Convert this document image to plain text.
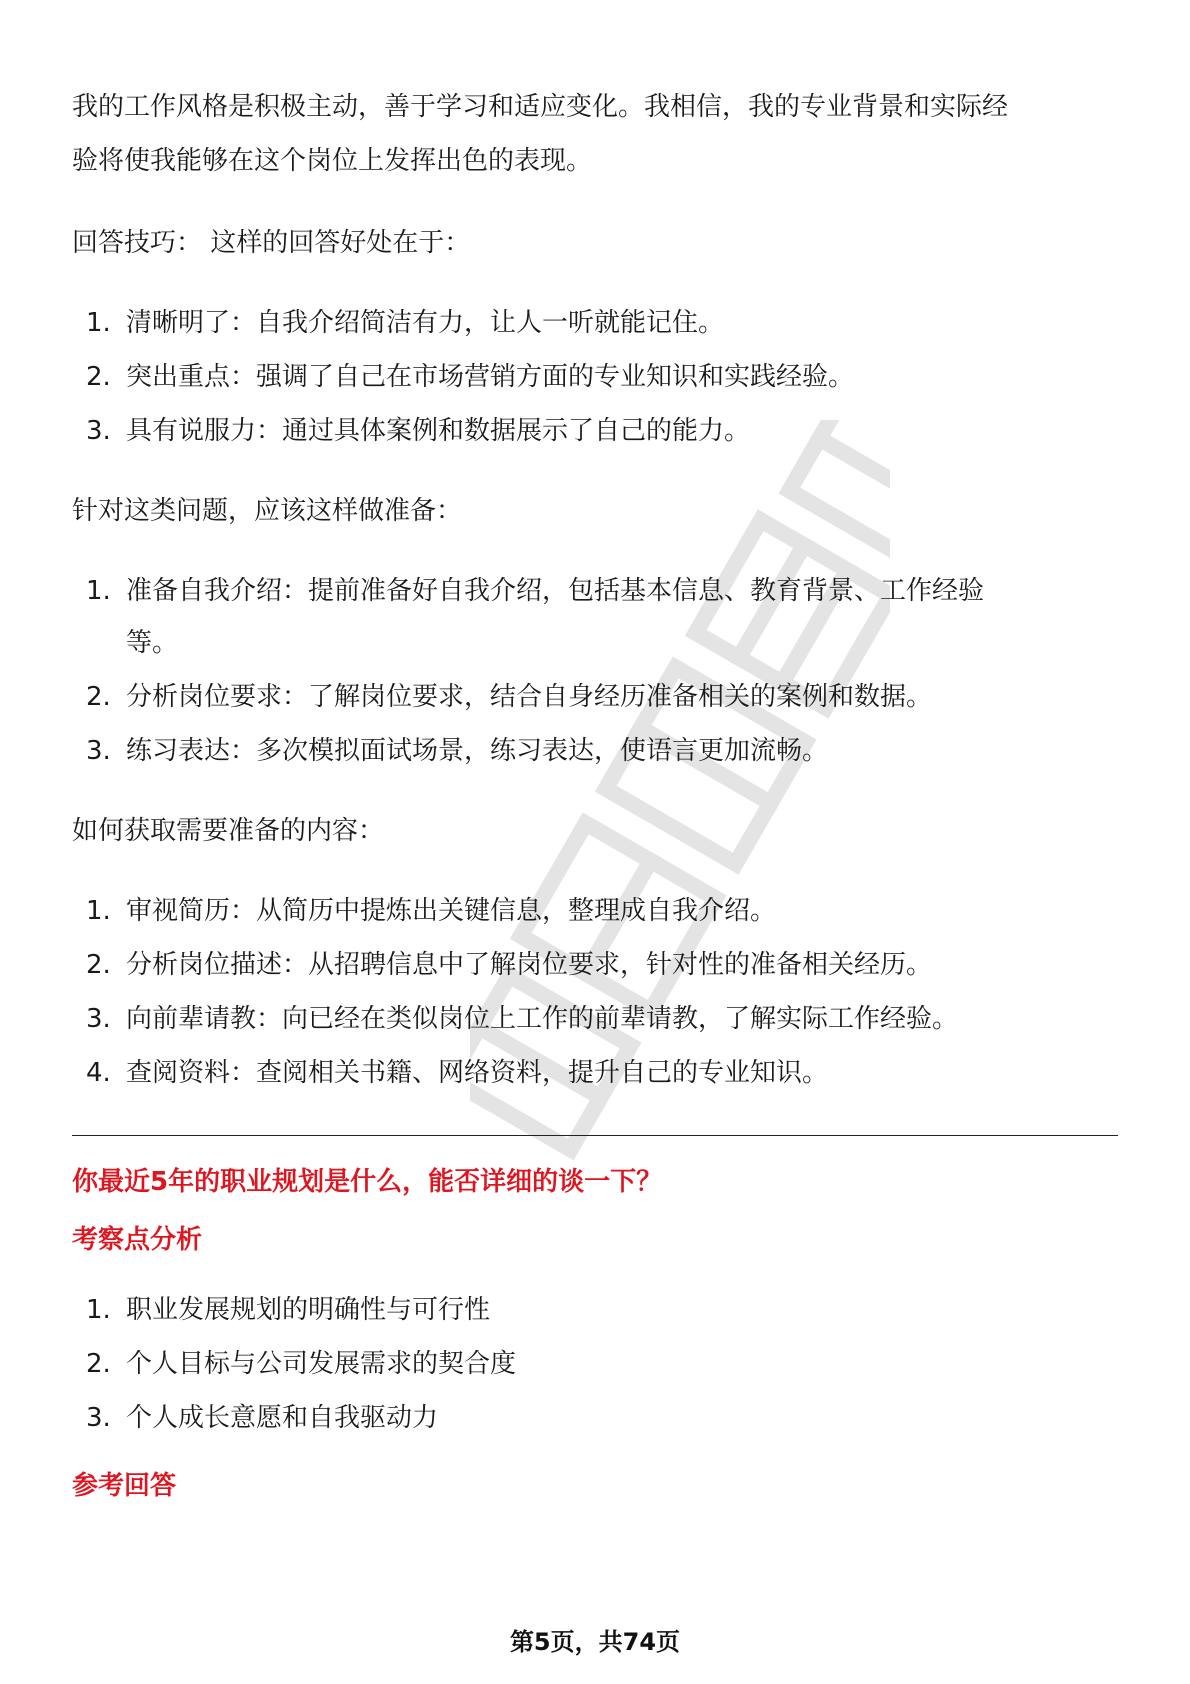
我的工作风格是积极主动，善于学习和适应变化。我相信，我的专业背景和实际经

验将使我能够在这个岗位上发挥出色的表现。

回答技巧： 这样的回答好处在于：

1. 清晰明了：自我介绍简洁有力，让人一听就能记住。
2. 突出重点：强调了自己在市场营销方面的专业知识和实践经验。
3. 具有说服力：通过具体案例和数据展示了自己的能力。

针对这类问题，应该这样做准备：

1. 准备自我介绍：提前准备好自我介绍，包括基本信息、教育背景、工作经验
等。
2. 分析岗位要求：了解岗位要求，结合自身经历准备相关的案例和数据。
3. 练习表达：多次模拟面试场景，练习表达，使语言更加流畅。

如何获取需要准备的内容：

1. 审视简历：从简历中提炼出关键信息，整理成自我介绍。
2. 分析岗位描述：从招聘信息中了解岗位要求，针对性的准备相关经历。
3. 向前辈请教：向已经在类似岗位上工作的前辈请教，了解实际工作经验。
4. 查阅资料：查阅相关书籍、网络资料，提升自己的专业知识。

你最近5年的职业规划是什么，能否详细的谈一下？

考察点分析

1. 职业发展规划的明确性与可行性
2. 个人目标与公司发展需求的契合度
3. 个人成长意愿和自我驱动力

参考回答

第5页，共74页
